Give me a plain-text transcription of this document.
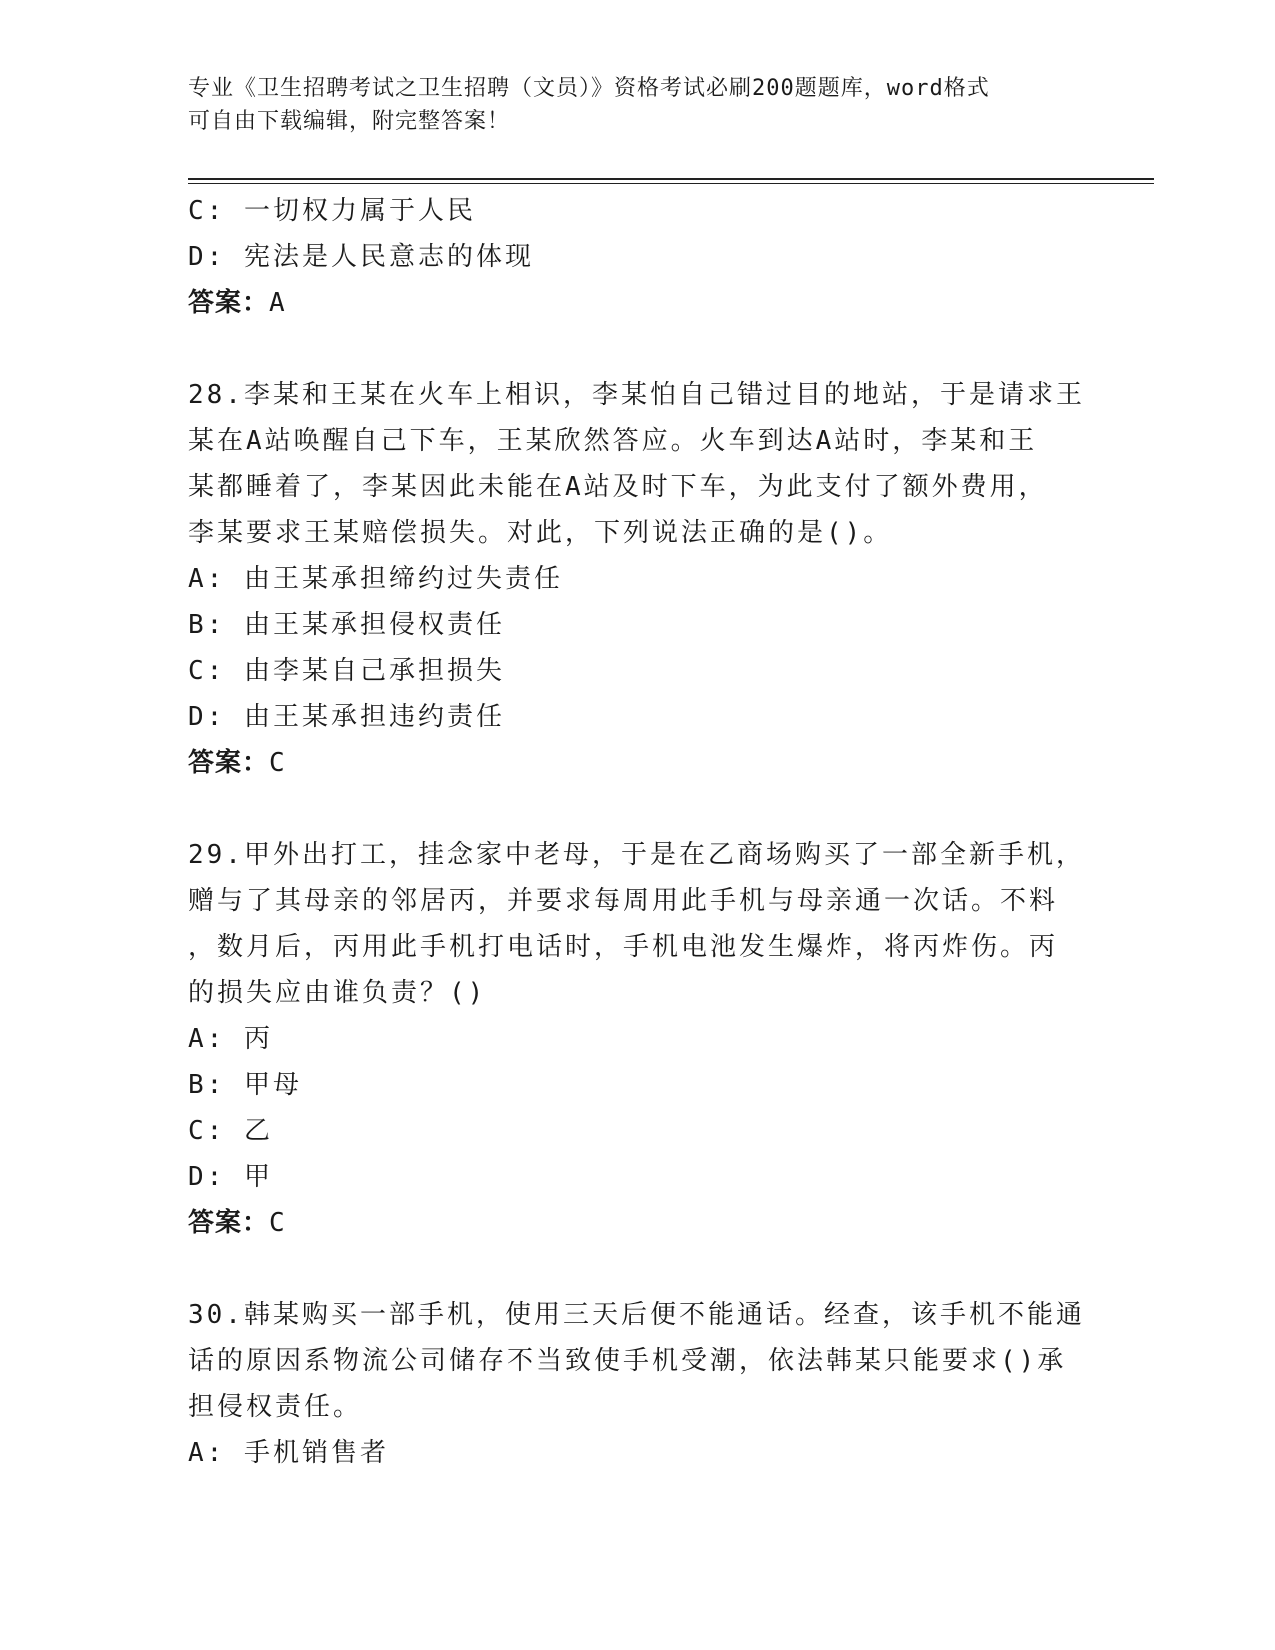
专业《卫生招聘考试之卫生招聘（文员）》资格考试必刷200题题库，word格式
可自由下载编辑，附完整答案！
C: 一切权力属于人民
D: 宪法是人民意志的体现
答案：A
28.李某和王某在火车上相识，李某怕自己错过目的地站，于是请求王
某在A站唤醒自己下车，王某欣然答应。火车到达A站时，李某和王
某都睡着了，李某因此未能在A站及时下车，为此支付了额外费用，
李某要求王某赔偿损失。对此，下列说法正确的是()。
A: 由王某承担缔约过失责任
B: 由王某承担侵权责任
C: 由李某自己承担损失
D: 由王某承担违约责任
答案：C
29.甲外出打工，挂念家中老母，于是在乙商场购买了一部全新手机，
赠与了其母亲的邻居丙，并要求每周用此手机与母亲通一次话。不料
，数月后，丙用此手机打电话时，手机电池发生爆炸，将丙炸伤。丙
的损失应由谁负责？()
A: 丙
B: 甲母
C: 乙
D: 甲
答案：C
30.韩某购买一部手机，使用三天后便不能通话。经查，该手机不能通
话的原因系物流公司储存不当致使手机受潮，依法韩某只能要求()承
担侵权责任。
A: 手机销售者
